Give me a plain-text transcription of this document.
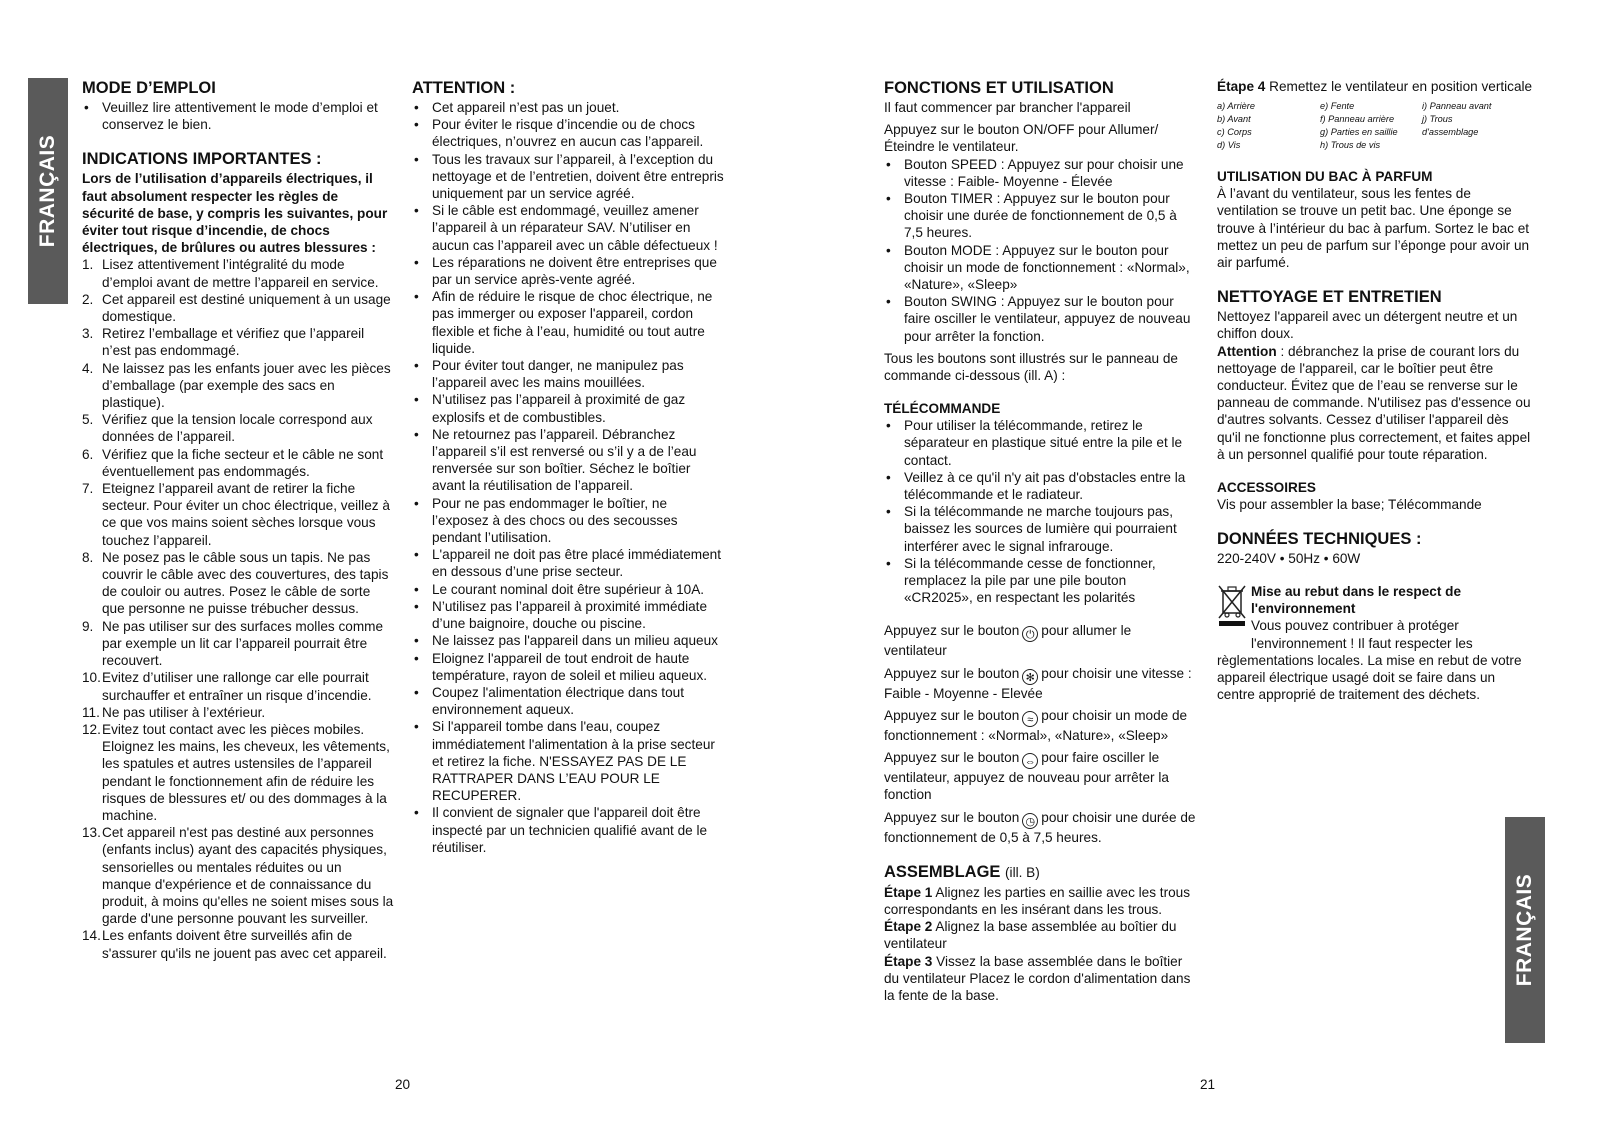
FRANÇAIS
FRANÇAIS
MODE D’EMPLOI
• Veuillez lire attentivement le mode d’emploi et conservez le bien.
INDICATIONS IMPORTANTES :

Lors de l’utilisation d’appareils électriques, il faut absolument respecter les règles de sécurité de base, y compris les suivantes, pour éviter tout risque d’incendie, de chocs électriques, de brûlures ou autres blessures :

1. Lisez attentivement l’intégralité du mode d’emploi avant de mettre l’appareil en service.
2. Cet appareil est destiné uniquement à un usage domestique.
3. Retirez l’emballage et vérifiez que l’appareil n’est pas endommagé.
4. Ne laissez pas les enfants jouer avec les pièces d’emballage (par exemple des sacs en plastique).
5. Vérifiez que la tension locale correspond aux données de l’appareil.
6. Vérifiez que la fiche secteur et le câble ne sont éventuellement pas endommagés.
7. Eteignez l’appareil avant de retirer la fiche secteur. Pour éviter un choc électrique, veillez à ce que vos mains soient sèches lorsque vous touchez l’appareil.
8. Ne posez pas le câble sous un tapis. Ne pas couvrir le câble avec des couvertures, des tapis de couloir ou autres. Posez le câble de sorte que personne ne puisse trébucher dessus.
9. Ne pas utiliser sur des surfaces molles comme par exemple un lit car l’appareil pourrait être recouvert.
10. Evitez d’utiliser une rallonge car elle pourrait surchauffer et entraîner un risque d’incendie.
11. Ne pas utiliser à l’extérieur.
12. Evitez tout contact avec les pièces mobiles. Eloignez les mains, les cheveux, les vêtements, les spatules et autres ustensiles de l’appareil pendant le fonctionnement afin de réduire les risques de blessures et/ ou des dommages à la machine.
13. Cet appareil n'est pas destiné aux personnes (enfants inclus) ayant des capacités physiques, sensorielles ou mentales réduites ou un manque d'expérience et de connaissance du produit, à moins qu'elles ne soient mises sous la garde d'une personne pouvant les surveiller.
14. Les enfants doivent être surveillés afin de s'assurer qu'ils ne jouent pas avec cet appareil.
ATTENTION :
• Cet appareil n’est pas un jouet.
• Pour éviter le risque d’incendie ou de chocs électriques, n’ouvrez en aucun cas l’appareil.
• Tous les travaux sur l’appareil, à l’exception du nettoyage et de l’entretien, doivent être entrepris uniquement par un service agréé.
• Si le câble est endommagé, veuillez amener l’appareil à un réparateur SAV. N’utiliser en aucun cas l’appareil avec un câble défectueux !
• Les réparations ne doivent être entreprises que par un service après-vente agréé.
• Afin de réduire le risque de choc électrique, ne pas immerger ou exposer l'appareil, cordon flexible et fiche à l’eau, humidité ou tout autre liquide.
• Pour éviter tout danger, ne manipulez pas l’appareil avec les mains mouillées.
• N’utilisez pas l’appareil à proximité de gaz explosifs et de combustibles.
• Ne retournez pas l’appareil. Débranchez l’appareil s’il est renversé ou s’il y a de l’eau renversée sur son boîtier. Séchez le boîtier avant la réutilisation de l’appareil.
• Pour ne pas endommager le boîtier, ne l’exposez à des chocs ou des secousses pendant l’utilisation.
• L'appareil ne doit pas être placé immédiatement en dessous d’une prise secteur.
• Le courant nominal doit être supérieur à 10A.
• N’utilisez pas l’appareil à proximité immédiate d’une baignoire, douche ou piscine.
• Ne laissez pas l'appareil dans un milieu aqueux
• Eloignez l'appareil de tout endroit de haute température, rayon de soleil et milieu aqueux.
• Coupez l'alimentation électrique dans tout environnement aqueux.
• Si l'appareil tombe dans l'eau, coupez immédiatement l'alimentation à la prise secteur et retirez la fiche. N'ESSAYEZ PAS DE LE RATTRAPER DANS L’EAU POUR LE RECUPERER.
• Il convient de signaler que l'appareil doit être inspecté par un technicien qualifié avant de le réutiliser.
FONCTIONS ET UTILISATION

Il faut commencer par brancher l'appareil

Appuyez sur le bouton ON/OFF pour Allumer/ Éteindre le ventilateur.

• Bouton SPEED : Appuyez sur pour choisir une vitesse : Faible- Moyenne - Élevée
• Bouton TIMER : Appuyez sur le bouton pour choisir une durée de fonctionnement de 0,5 à 7,5 heures.
• Bouton MODE : Appuyez sur le bouton pour choisir un mode de fonctionnement : «Normal», «Nature», «Sleep»
• Bouton SWING : Appuyez sur le bouton pour faire osciller le ventilateur, appuyez de nouveau pour arrêter la fonction.

Tous les boutons sont illustrés sur le panneau de commande ci-dessous (ill. A) :

TÉLÉCOMMANDE
• Pour utiliser la télécommande, retirez le séparateur en plastique situé entre la pile et le contact.
• Veillez à ce qu'il n'y ait pas d'obstacles entre la télécommande et le radiateur.
• Si la télécommande ne marche toujours pas, baissez les sources de lumière qui pourraient interférer avec le signal infrarouge.
• Si la télécommande cesse de fonctionner, remplacez la pile par une pile bouton «CR2025», en respectant les polarités

Appuyez sur le bouton ⏻ pour allumer le ventilateur

Appuyez sur le bouton ✻ pour choisir une vitesse : Faible - Moyenne - Elevée

Appuyez sur le bouton ≈ pour choisir un mode de fonctionnement : «Normal», «Nature», «Sleep»

Appuyez sur le bouton ⇔ pour faire osciller le ventilateur, appuyez de nouveau pour arrêter la fonction

Appuyez sur le bouton ◷ pour choisir une durée de fonctionnement de 0,5 à 7,5 heures.

ASSEMBLAGE (ill. B)

Étape 1 Alignez les parties en saillie avec les trous correspondants en les insérant dans les trous.

Étape 2 Alignez la base assemblée au boîtier du ventilateur

Étape 3 Vissez la base assemblée dans le boîtier du ventilateur Placez le cordon d'alimentation dans la fente de la base.

Étape 4 Remettez le ventilateur en position verticale

a) Arrière	e) Fente	i) Panneau avant
b) Avant	f) Panneau arrière	j) Trous
c) Corps	g) Parties en saillie	d'assemblage
d) Vis	h) Trous de vis
UTILISATION DU BAC À PARFUM

À l’avant du ventilateur, sous les fentes de ventilation se trouve un petit bac. Une éponge se trouve à l’intérieur du bac à parfum. Sortez le bac et mettez un peu de parfum sur l’éponge pour avoir un air parfumé.

NETTOYAGE ET ENTRETIEN

Nettoyez l'appareil avec un détergent neutre et un chiffon doux.

Attention : débranchez la prise de courant lors du nettoyage de l'appareil, car le boîtier peut être conducteur. Évitez que de l’eau se renverse sur le panneau de commande. N'utilisez pas d'essence ou d'autres solvants. Cessez d’utiliser l'appareil dès qu'il ne fonctionne plus correctement, et faites appel à un personnel qualifié pour toute réparation.

ACCESSOIRES

Vis pour assembler la base; Télécommande

DONNÉES TECHNIQUES :

220-240V • 50Hz • 60W

Mise au rebut dans le respect de l'environnement

Vous pouvez contribuer à protéger l'environnement ! Il faut respecter les

règlementations locales. La mise en rebut de votre appareil électrique usagé doit se faire dans un centre approprié de traitement des déchets.

20	21
